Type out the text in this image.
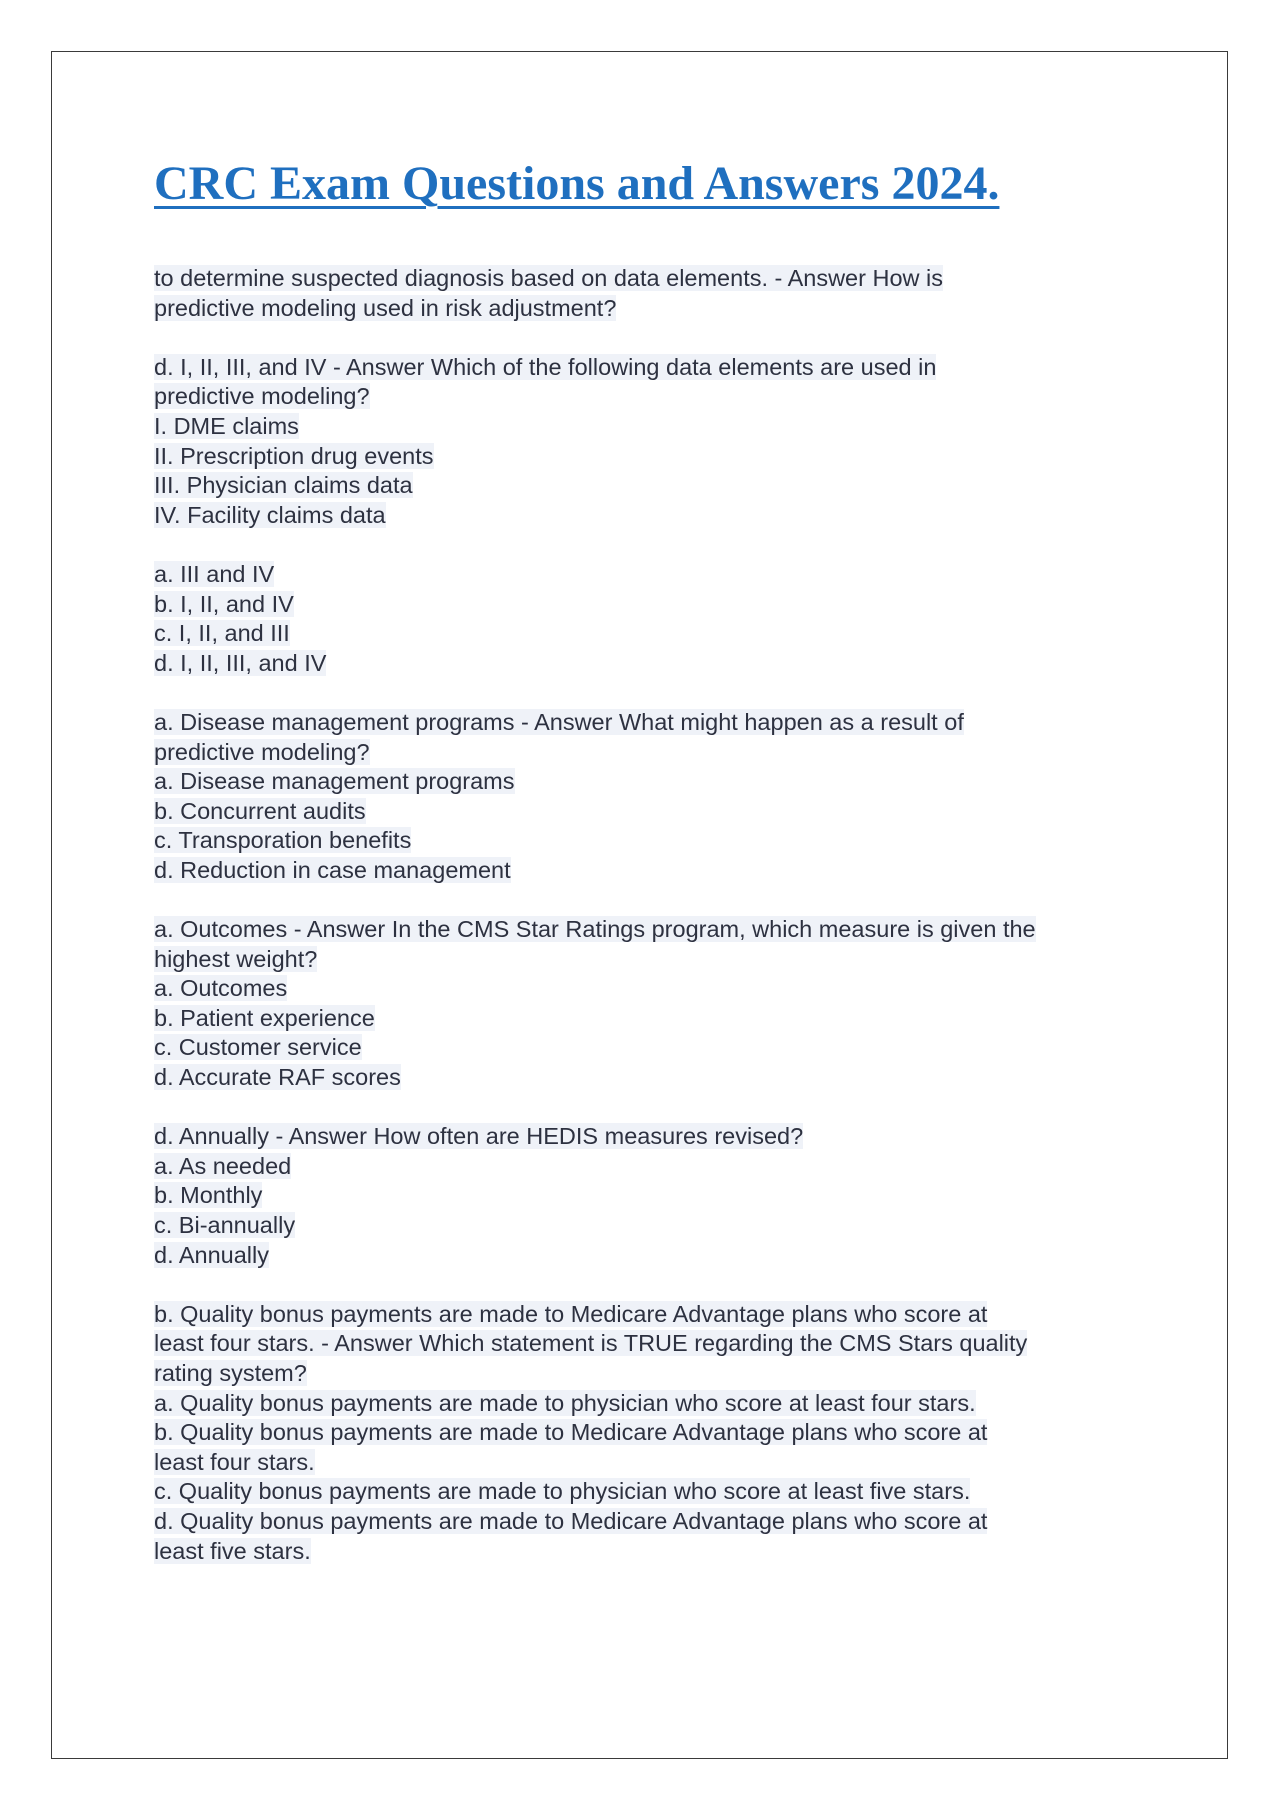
CRC Exam Questions and Answers 2024.
to determine suspected diagnosis based on data elements. - Answer How is
predictive modeling used in risk adjustment?
d. I, II, III, and IV - Answer Which of the following data elements are used in
predictive modeling?
I. DME claims
II. Prescription drug events
III. Physician claims data
IV. Facility claims data

a. III and IV
b. I, II, and IV
c. I, II, and III
d. I, II, III, and IV
a. Disease management programs - Answer What might happen as a result of
predictive modeling?
a. Disease management programs
b. Concurrent audits
c. Transporation benefits
d. Reduction in case management
a. Outcomes - Answer In the CMS Star Ratings program, which measure is given the
highest weight?
a. Outcomes
b. Patient experience
c. Customer service
d. Accurate RAF scores
d. Annually - Answer How often are HEDIS measures revised?
a. As needed
b. Monthly
c. Bi-annually
d. Annually
b. Quality bonus payments are made to Medicare Advantage plans who score at
least four stars. - Answer Which statement is TRUE regarding the CMS Stars quality
rating system?
a. Quality bonus payments are made to physician who score at least four stars.
b. Quality bonus payments are made to Medicare Advantage plans who score at
least four stars.
c. Quality bonus payments are made to physician who score at least five stars.
d. Quality bonus payments are made to Medicare Advantage plans who score at
least five stars.
